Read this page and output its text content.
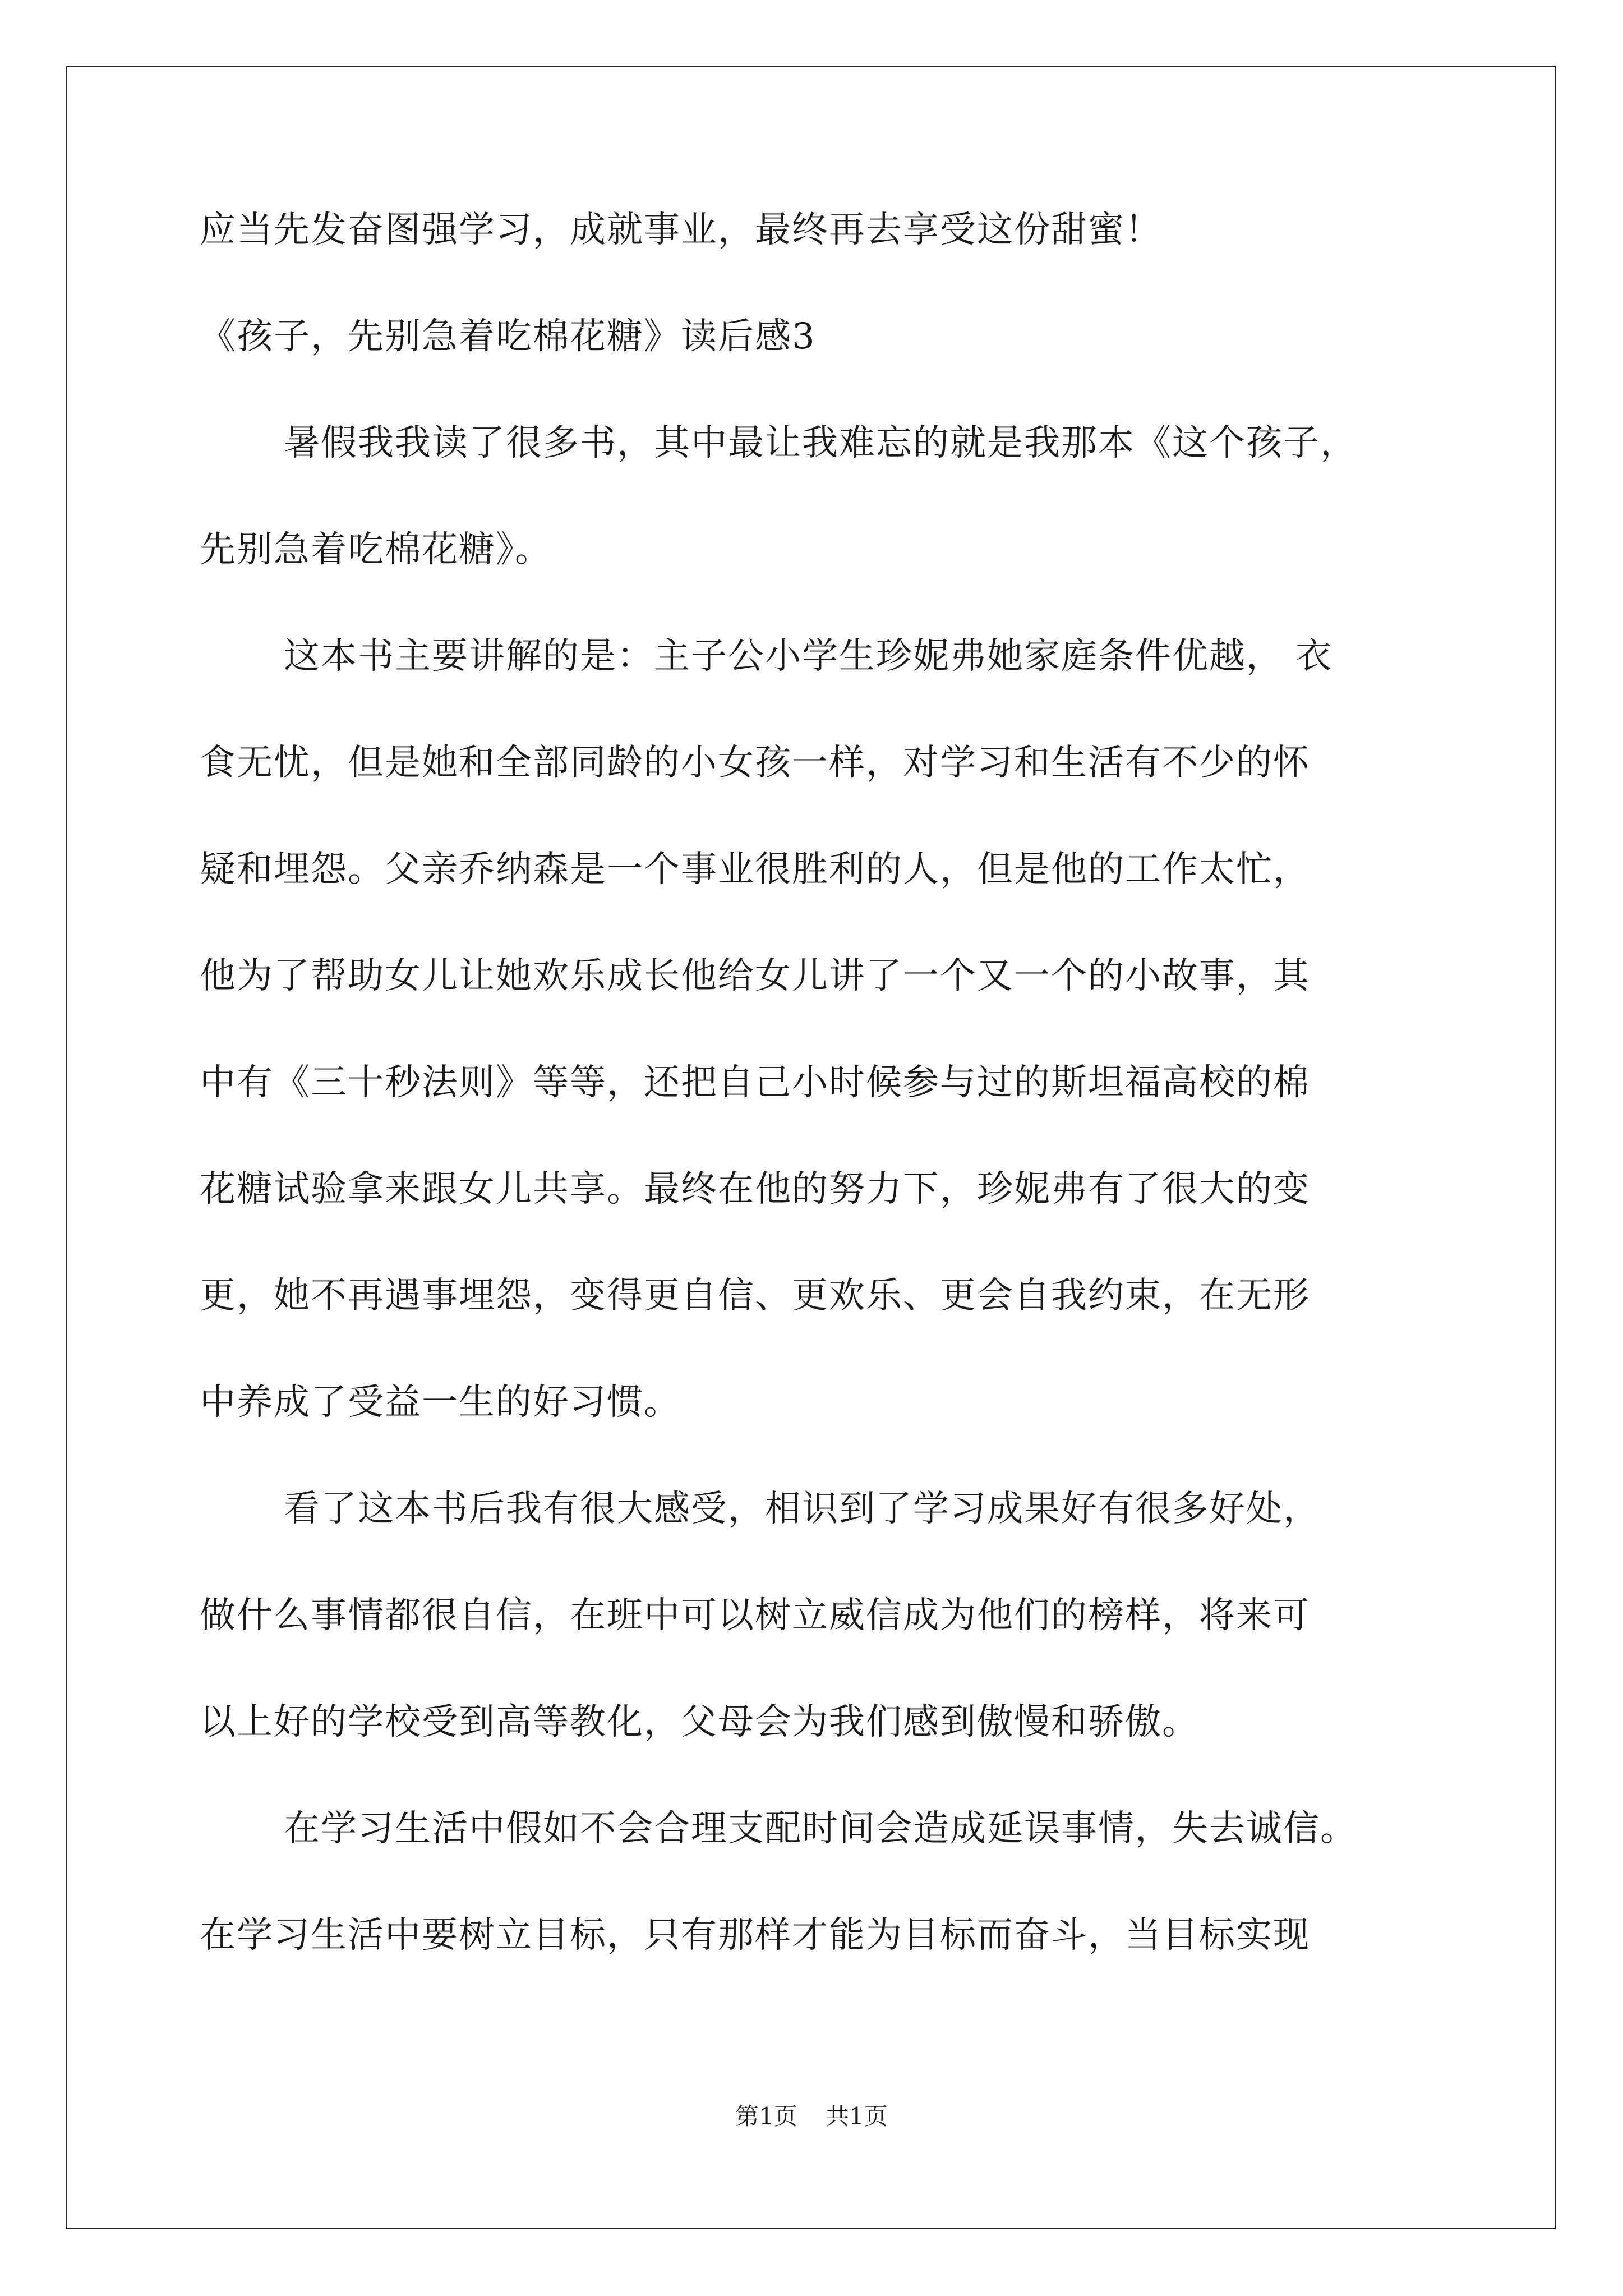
应当先发奋图强学习，成就事业，最终再去享受这份甜蜜！
《孩子，先别急着吃棉花糖》读后感3
暑假我我读了很多书，其中最让我难忘的就是我那本《这个孩子，
先别急着吃棉花糖》。
这本书主要讲解的是：主子公小学生珍妮弗她家庭条件优越， 衣
食无忧，但是她和全部同龄的小女孩一样，对学习和生活有不少的怀
疑和埋怨。父亲乔纳森是一个事业很胜利的人，但是他的工作太忙，
他为了帮助女儿让她欢乐成长他给女儿讲了一个又一个的小故事，其
中有《三十秒法则》等等，还把自己小时候参与过的斯坦福高校的棉
花糖试验拿来跟女儿共享。最终在他的努力下，珍妮弗有了很大的变
更，她不再遇事埋怨，变得更自信、更欢乐、更会自我约束，在无形
中养成了受益一生的好习惯。
看了这本书后我有很大感受，相识到了学习成果好有很多好处，
做什么事情都很自信，在班中可以树立威信成为他们的榜样，将来可
以上好的学校受到高等教化，父母会为我们感到傲慢和骄傲。
在学习生活中假如不会合理支配时间会造成延误事情，失去诚信。
在学习生活中要树立目标，只有那样才能为目标而奋斗，当目标实现
第1页 共1页
